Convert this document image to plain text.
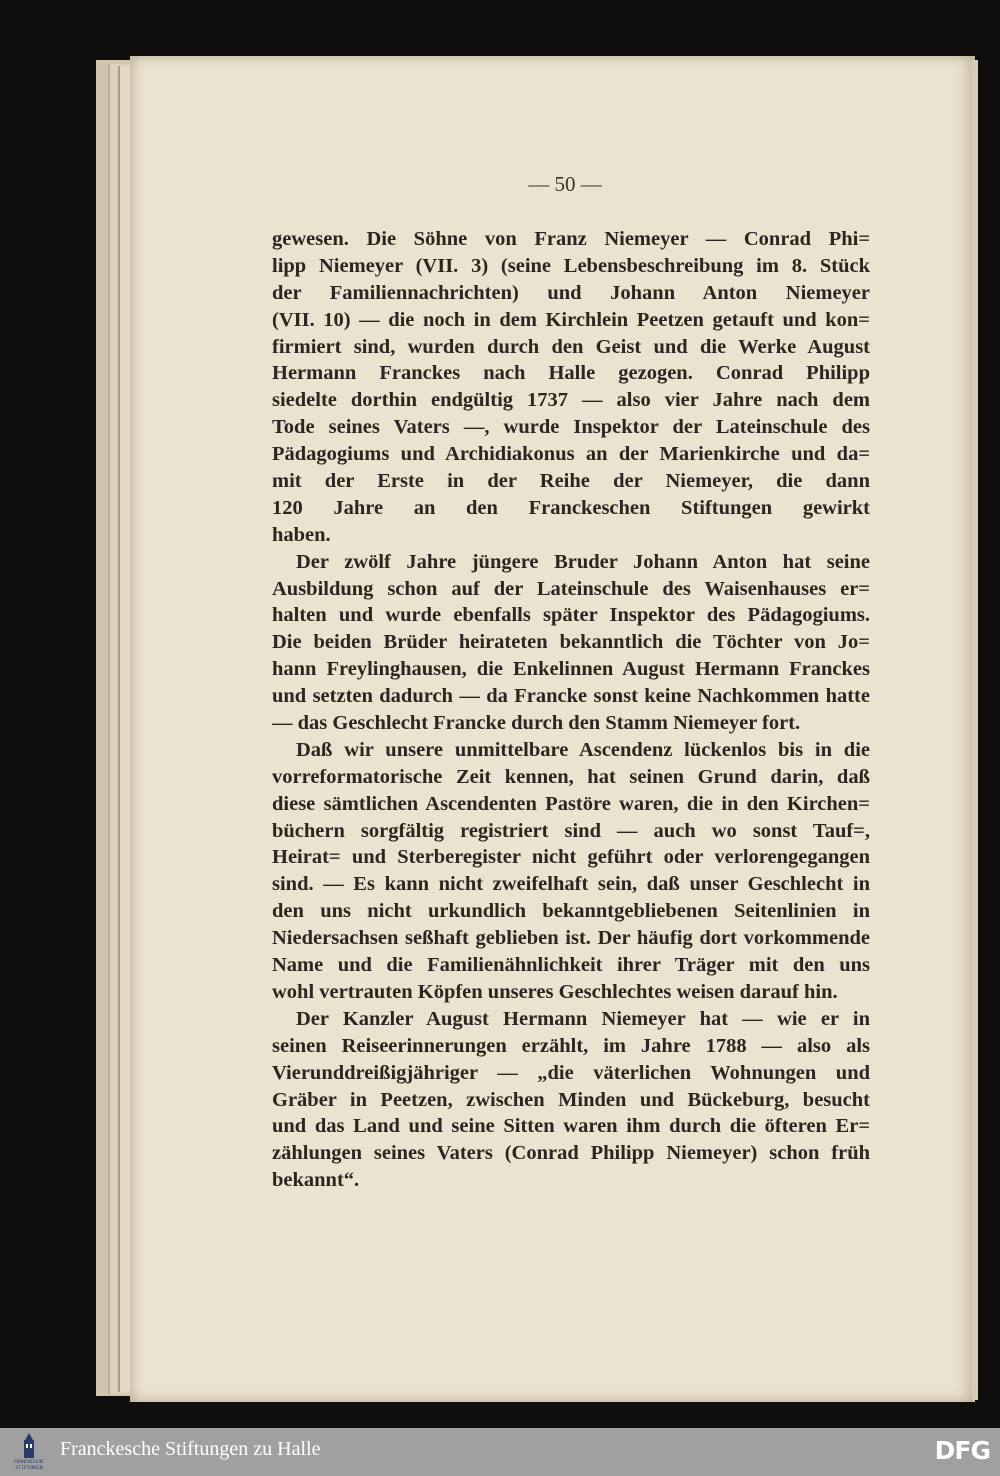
— 50 —
gewesen. Die Söhne von Franz Niemeyer — Conrad Phi=
lipp Niemeyer (VII. 3) (seine Lebensbeschreibung im 8. Stück
der Familiennachrichten) und Johann Anton Niemeyer
(VII. 10) — die noch in dem Kirchlein Peetzen getauft und kon=
firmiert sind, wurden durch den Geist und die Werke August
Hermann Franckes nach Halle gezogen. Conrad Philipp
siedelte dorthin endgültig 1737 — also vier Jahre nach dem
Tode seines Vaters —, wurde Inspektor der Lateinschule des
Pädagogiums und Archidiakonus an der Marienkirche und da=
mit der Erste in der Reihe der Niemeyer, die dann
120 Jahre an den Franckeschen Stiftungen gewirkt
haben.
Der zwölf Jahre jüngere Bruder Johann Anton hat seine
Ausbildung schon auf der Lateinschule des Waisenhauses er=
halten und wurde ebenfalls später Inspektor des Pädagogiums.
Die beiden Brüder heirateten bekanntlich die Töchter von Jo=
hann Freylinghausen, die Enkelinnen August Hermann Franckes
und setzten dadurch — da Francke sonst keine Nachkommen hatte
— das Geschlecht Francke durch den Stamm Niemeyer fort.
Daß wir unsere unmittelbare Ascendenz lückenlos bis in die
vorreformatorische Zeit kennen, hat seinen Grund darin, daß
diese sämtlichen Ascendenten Pastöre waren, die in den Kirchen=
büchern sorgfältig registriert sind — auch wo sonst Tauf=,
Heirat= und Sterberegister nicht geführt oder verlorengegangen
sind. — Es kann nicht zweifelhaft sein, daß unser Geschlecht in
den uns nicht urkundlich bekanntgebliebenen Seitenlinien in
Niedersachsen seßhaft geblieben ist. Der häufig dort vorkommende
Name und die Familienähnlichkeit ihrer Träger mit den uns
wohl vertrauten Köpfen unseres Geschlechtes weisen darauf hin.
Der Kanzler August Hermann Niemeyer hat — wie er in
seinen Reiseerinnerungen erzählt, im Jahre 1788 — also als
Vierunddreißigjähriger — „die väterlichen Wohnungen und
Gräber in Peetzen, zwischen Minden und Bückeburg, besucht
und das Land und seine Sitten waren ihm durch die öfteren Er=
zählungen seines Vaters (Conrad Philipp Niemeyer) schon früh
bekannt“.
FRANCKESCHE STIFTUNGEN
Franckesche Stiftungen zu Halle	DFG
